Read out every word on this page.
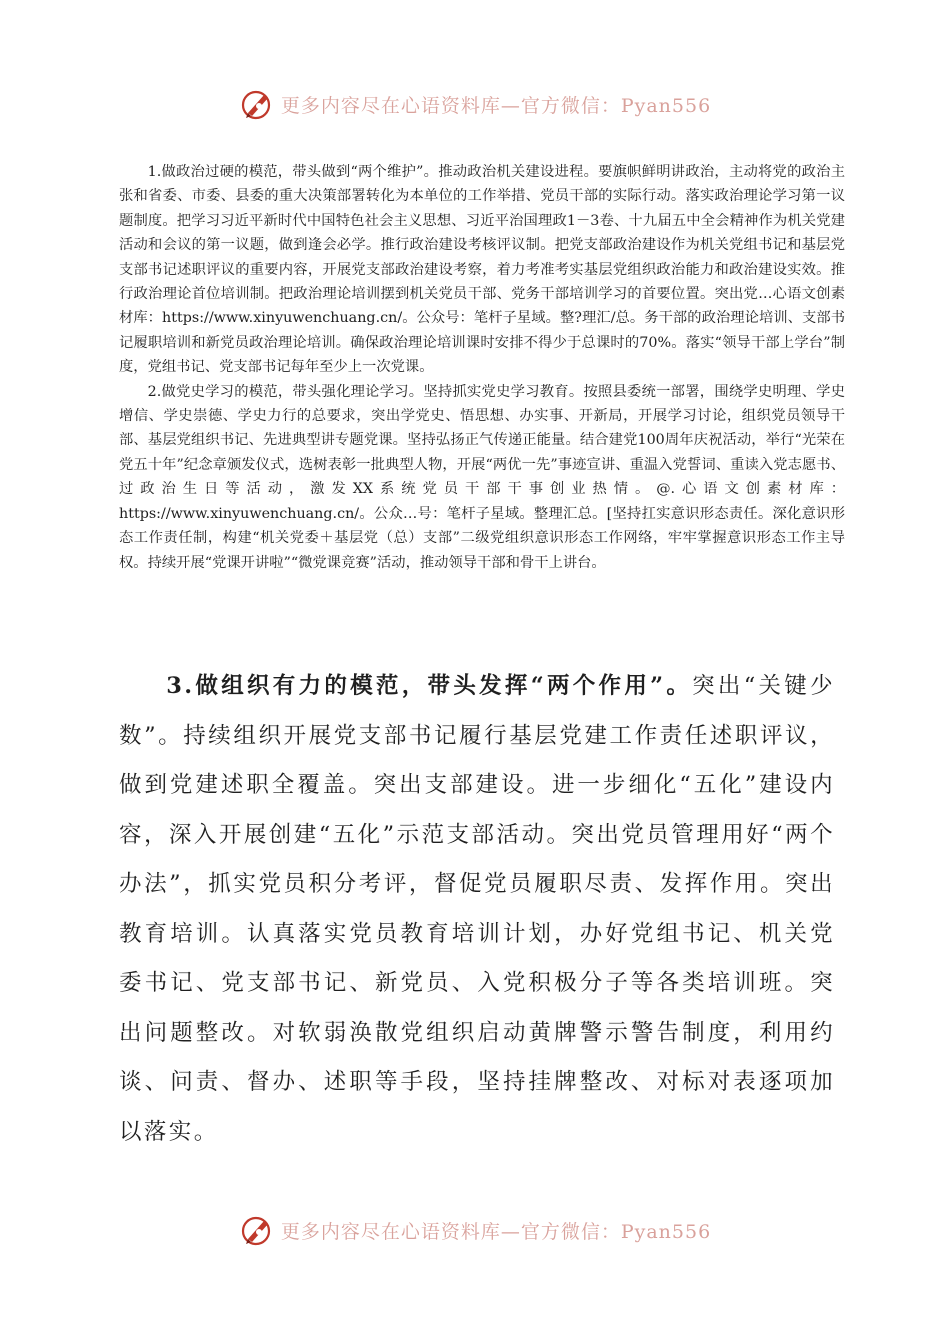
更多内容尽在心语资料库—官方微信：Pyan556

1.做政治过硬的模范，带头做到“两个维护”。推动政治机关建设进程。要旗帜鲜明讲政治，主动将党的政治主张和省委、市委、县委的重大决策部署转化为本单位的工作举措、党员干部的实际行动。落实政治理论学习第一议题制度。把学习习近平新时代中国特色社会主义思想、习近平治国理政1－3卷、十九届五中全会精神作为机关党建活动和会议的第一议题，做到逢会必学。推行政治建设考核评议制。把党支部政治建设作为机关党组书记和基层党支部书记述职评议的重要内容，开展党支部政治建设考察，着力考准考实基层党组织政治能力和政治建设实效。推行政治理论首位培训制。把政治理论培训摆到机关党员干部、党务干部培训学习的首要位置。突出党…心语文创素材库：https://www.xinyuwenchuang.cn/。公众号：笔杆子星域。整?理汇/总。务干部的政治理论培训、支部书记履职培训和新党员政治理论培训。确保政治理论培训课时安排不得少于总课时的70%。落实“领导干部上学台”制度，党组书记、党支部书记每年至少上一次党课。

2.做党史学习的模范，带头强化理论学习。坚持抓实党史学习教育。按照县委统一部署，围绕学史明理、学史增信、学史崇德、学史力行的总要求，突出学党史、悟思想、办实事、开新局，开展学习讨论，组织党员领导干部、基层党组织书记、先进典型讲专题党课。坚持弘扬正气传递正能量。结合建党100周年庆祝活动，举行“光荣在党五十年”纪念章颁发仪式，选树表彰一批典型人物，开展“两优一先”事迹宣讲、重温入党誓词、重读入党志愿书、过政治生日等活动，激发XX系统党员干部干事创业热情。@.心语文创素材库：https://www.xinyuwenchuang.cn/。公众…号：笔杆子星域。整理汇总。[坚持扛实意识形态责任。深化意识形态工作责任制，构建“机关党委＋基层党（总）支部”二级党组织意识形态工作网络，牢牢掌握意识形态工作主导权。持续开展“党课开讲啦”“微党课竞赛”活动，推动领导干部和骨干上讲台。

3.做组织有力的模范，带头发挥“两个作用”。突出“关键少数”。持续组织开展党支部书记履行基层党建工作责任述职评议，做到党建述职全覆盖。突出支部建设。进一步细化“五化”建设内容，深入开展创建“五化”示范支部活动。突出党员管理用好“两个办法”，抓实党员积分考评，督促党员履职尽责、发挥作用。突出教育培训。认真落实党员教育培训计划，办好党组书记、机关党委书记、党支部书记、新党员、入党积极分子等各类培训班。突出问题整改。对软弱涣散党组织启动黄牌警示警告制度，利用约谈、问责、督办、述职等手段，坚持挂牌整改、对标对表逐项加以落实。

更多内容尽在心语资料库—官方微信：Pyan556
